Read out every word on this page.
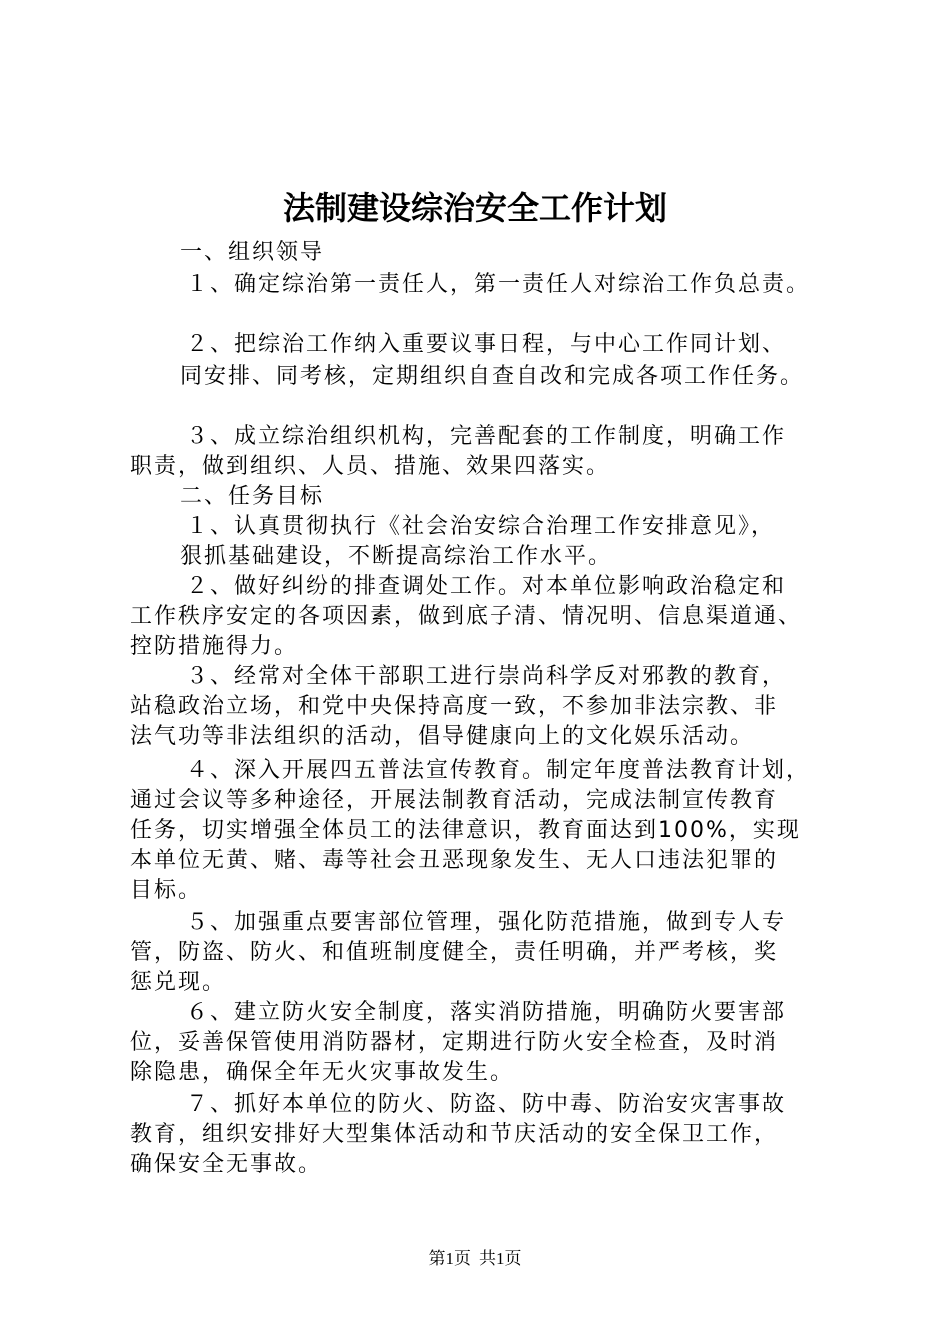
法制建设综治安全工作计划
一、组织领导
１、确定综治第一责任人，第一责任人对综治工作负总责。
２、把综治工作纳入重要议事日程，与中心工作同计划、
同安排、同考核，定期组织自查自改和完成各项工作任务。
３、成立综治组织机构，完善配套的工作制度，明确工作
职责，做到组织、人员、措施、效果四落实。
二、任务目标
１、认真贯彻执行《社会治安综合治理工作安排意见》，
狠抓基础建设，不断提高综治工作水平。
２、做好纠纷的排查调处工作。对本单位影响政治稳定和
工作秩序安定的各项因素，做到底子清、情况明、信息渠道通、
控防措施得力。
３、经常对全体干部职工进行崇尚科学反对邪教的教育，
站稳政治立场，和党中央保持高度一致，不参加非法宗教、非
法气功等非法组织的活动，倡导健康向上的文化娱乐活动。
４、深入开展四五普法宣传教育。制定年度普法教育计划，
通过会议等多种途径，开展法制教育活动，完成法制宣传教育
任务，切实增强全体员工的法律意识，教育面达到100%，实现
本单位无黄、赌、毒等社会丑恶现象发生、无人口违法犯罪的
目标。
５、加强重点要害部位管理，强化防范措施，做到专人专
管，防盗、防火、和值班制度健全，责任明确，并严考核，奖
惩兑现。
６、建立防火安全制度，落实消防措施，明确防火要害部
位，妥善保管使用消防器材，定期进行防火安全检查，及时消
除隐患，确保全年无火灾事故发生。
７、抓好本单位的防火、防盗、防中毒、防治安灾害事故
教育，组织安排好大型集体活动和节庆活动的安全保卫工作，
确保安全无事故。
第1页 共1页
